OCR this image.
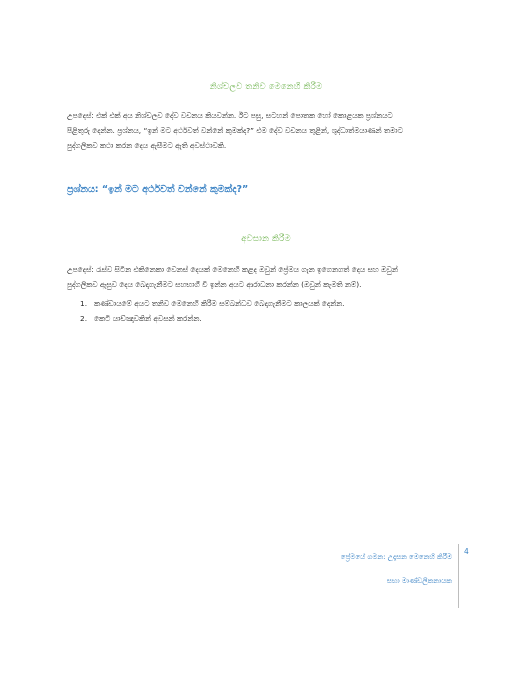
නිශ්චලව තනිව මෙනෙහි කිරීම
උපදෙස්: එක් එක් අය නිශ්චලව දේව වචනය කියවන්න. ඊට පසු, සටහන් පොතක හෝ කොළයක ප්‍රශ්නයට
පිළිතුරු දෙන්න. ප්‍රශ්නය, “ඉන් මට අර්ථවත් වන්නේ කුමක්ද?” එම දේව වචනය තුළින්, ශුද්ධාත්මයාණන් තමාට
පුද්ගලිකව කථා කරන දෙය ඇසීමට ඇති අවස්ථාවකි.
ප්‍රශ්නය: “ඉන් මට අර්ථවත් වන්නේ කුමක්ද?”
අවසාන කිරීම
උපදෙස්: රැස්ව සිටින එකිනෙකා වෙනස් දෙයක් මෙනෙහි කළද ඔවුන් ප්‍රේමය ගැන ඉගෙනගත් දෙය සහ ඔවුන්
පුද්ගලිකව ඇසුව දෙය බෙදාගැනීමට සහභාගී වී ඉන්න අයට ආරාධනා කරන්න (ඔවුන් කැමති නම්).
1. කණ්ඩායමේ අයට තනිව මෙනෙහි කිරීම සම්බන්ධව බෙදාගැනීමට කාලයක් දෙන්න.
2. කෙටි යාච්ඤාවකින් අවසන් කරන්න.
ප්‍රේමයේ ගමන: උදෑසන මෙනෙහි කිරීම
සභා මාණ්ඩලිකනායක
4
